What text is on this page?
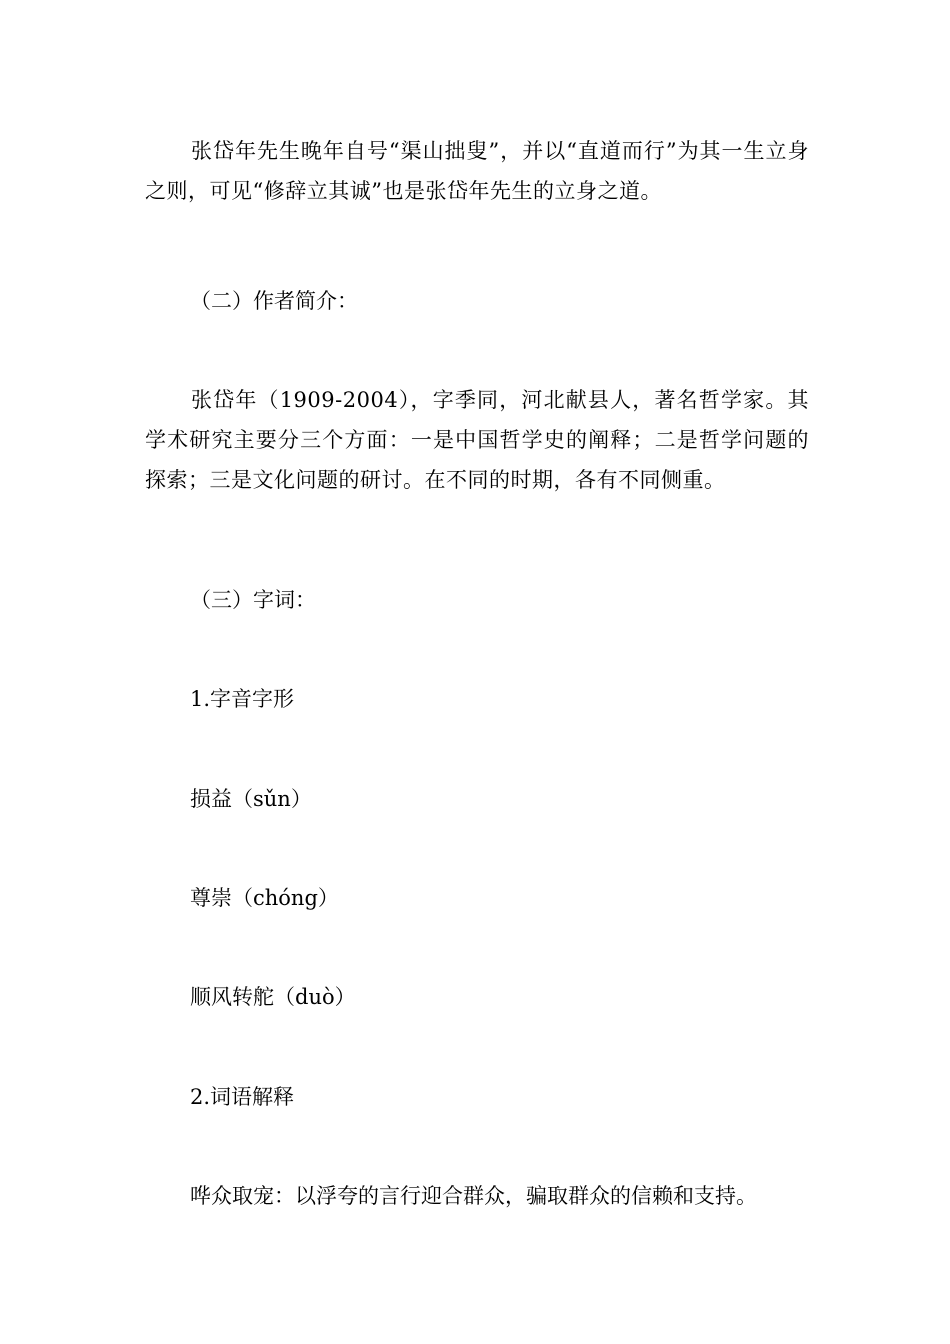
张岱年先生晚年自号“渠山拙叟”，并以“直道而行”为其一生立身之则，可见“修辞立其诚”也是张岱年先生的立身之道。

（二）作者简介：

张岱年（1909-2004），字季同，河北献县人，著名哲学家。其学术研究主要分三个方面：一是中国哲学史的阐释；二是哲学问题的探索；三是文化问题的研讨。在不同的时期，各有不同侧重。

（三）字词：

1.字音字形

损益（sǔn）

尊崇（chóng）

顺风转舵（duò）

2.词语解释

哗众取宠：以浮夸的言行迎合群众，骗取群众的信赖和支持。
